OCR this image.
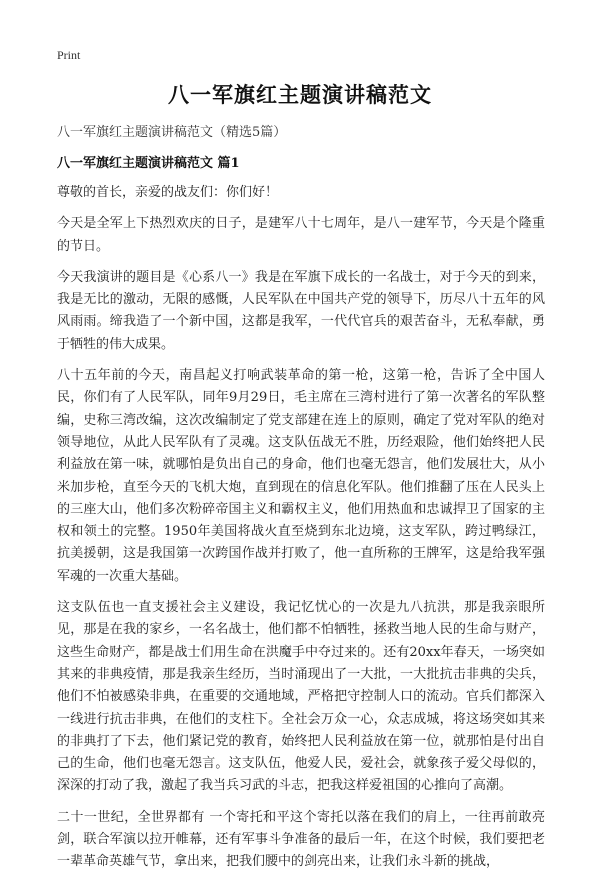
Print
八一军旗红主题演讲稿范文
八一军旗红主题演讲稿范文（精选5篇）
八一军旗红主题演讲稿范文 篇1

尊敬的首长，亲爱的战友们：你们好！

今天是全军上下热烈欢庆的日子，是建军八十七周年，是八一建军节，今天是个隆重的节日。

今天我演讲的题目是《心系八一》我是在军旗下成长的一名战士，对于今天的到来，我是无比的激动，无限的感慨，人民军队在中国共产党的领导下，历尽八十五年的风风雨雨。缔我造了一个新中国，这都是我军，一代代官兵的艰苦奋斗，无私奉献，勇于牺牲的伟大成果。

八十五年前的今天，南昌起义打响武装革命的第一枪，这第一枪，告诉了全中国人民，你们有了人民军队，同年9月29日，毛主席在三湾村进行了第一次著名的军队整编，史称三湾改编，这次改编制定了党支部建在连上的原则，确定了党对军队的绝对领导地位，从此人民军队有了灵魂。这支队伍战无不胜，历经艰险，他们始终把人民利益放在第一味，就哪怕是负出自己的身命，他们也毫无怨言，他们发展壮大，从小米加步枪，直至今天的飞机大炮，直到现在的信息化军队。他们推翻了压在人民头上的三座大山，他们多次粉碎帝国主义和霸权主义，他们用热血和忠诚捍卫了国家的主权和领土的完整。1950年美国将战火直至烧到东北边境，这支军队，跨过鸭绿江，抗美援朝，这是我国第一次跨国作战并打败了，他一直所称的王牌军，这是给我军强军魂的一次重大基础。

这支队伍也一直支援社会主义建设，我记忆忧心的一次是九八抗洪，那是我亲眼所见，那是在我的家乡，一名名战士，他们都不怕牺牲，拯救当地人民的生命与财产，这些生命财产，都是战士们用生命在洪魔手中夺过来的。还有20xx年春天，一场突如其来的非典疫情，那是我亲生经历，当时涌现出了一大批，一大批抗击非典的尖兵，他们不怕被感染非典，在重要的交通地域，严格把守控制人口的流动。官兵们都深入一线进行抗击非典，在他们的支柱下。全社会万众一心，众志成城，将这场突如其来的非典打了下去，他们紧记党的教育，始终把人民利益放在第一位，就那怕是付出自己的生命，他们也毫无怨言。这支队伍，他爱人民，爱社会，就象孩子爱父母似的，深深的打动了我，激起了我当兵习武的斗志，把我这样爱祖国的心推向了高潮。

二十一世纪，全世界都有 一个寄托和平这个寄托以落在我们的肩上，一往再前敢亮剑，联合军演以拉开帷幕，还有军事斗争准备的最后一年，在这个时候，我们要把老一辈革命英雄气节，拿出来，把我们腰中的剑亮出来，让我们永斗新的挑战，
